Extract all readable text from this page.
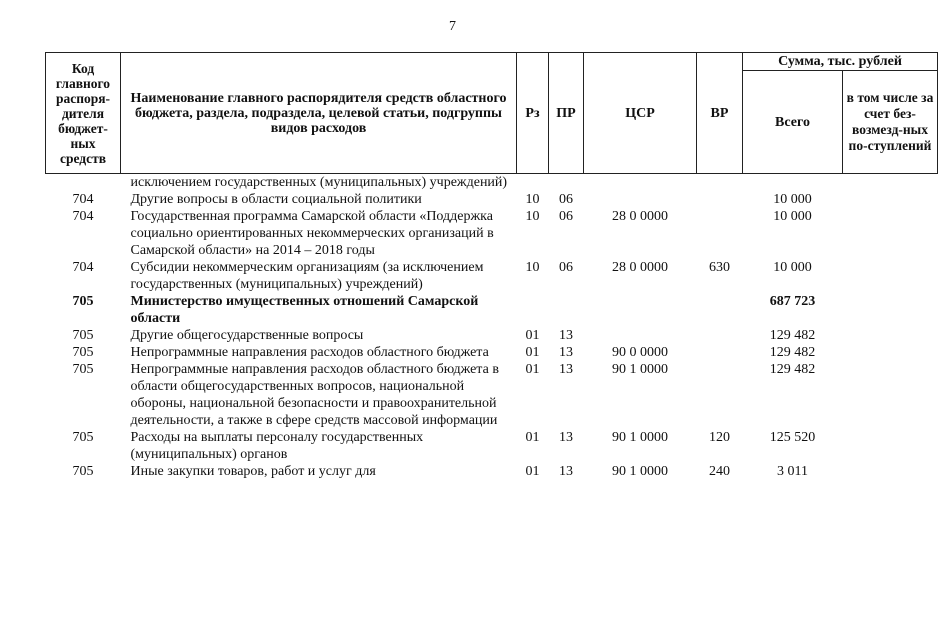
7
Код главного распоря-дителя бюджет-ных средств	Наименование главного распорядителя средств областного бюджета, раздела, подраздела, целевой статьи, подгруппы видов расходов	Рз	ПР	ЦСР	ВР	Сумма, тыс. рублей	
						Всего	в том числе за счет без-возмезд-ных по-ступлений
	исключением государственных (муниципальных) учреждений)						
704	Другие вопросы в области социальной политики	10	06			10 000	
704	Государственная программа Самарской области «Поддержка социально ориентированных некоммерческих организаций в Самарской области» на 2014 – 2018 годы	10	06	28 0 0000		10 000	
704	Субсидии некоммерческим организациям (за исключением государственных (муниципальных) учреждений)	10	06	28 0 0000	630	10 000	
705	Министерство имущественных отношений Самарской области					687 723	
705	Другие общегосударственные вопросы	01	13			129 482	
705	Непрограммные направления расходов областного бюджета	01	13	90 0 0000		129 482	
705	Непрограммные направления расходов областного бюджета в области общегосударственных вопросов, национальной обороны, национальной безопасности и правоохранительной деятельности, а также в сфере средств массовой информации	01	13	90 1 0000		129 482	
705	Расходы на выплаты персоналу государственных (муниципальных) органов	01	13	90 1 0000	120	125 520	
705	Иные закупки товаров, работ и услуг для	01	13	90 1 0000	240	3 011	
